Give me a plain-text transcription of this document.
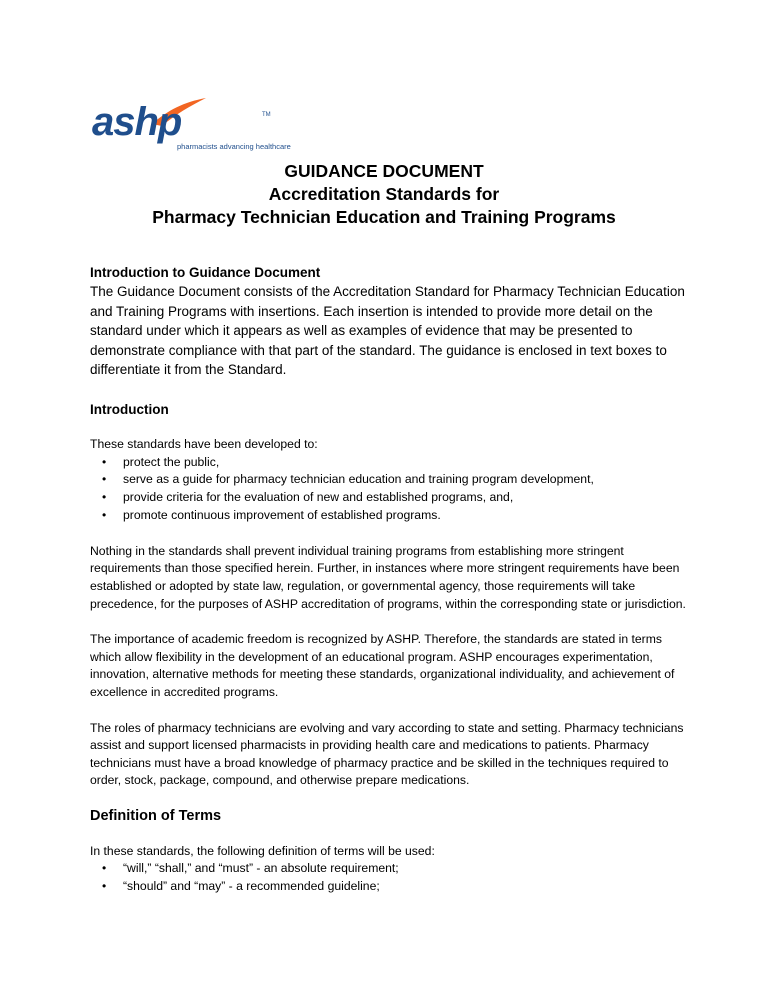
ashp	TM
pharmacists advancing healthcare
GUIDANCE DOCUMENT
Accreditation Standards for
Pharmacy Technician Education and Training Programs

Introduction to Guidance Document

The Guidance Document consists of the Accreditation Standard for Pharmacy Technician Education and Training Programs with insertions. Each insertion is intended to provide more detail on the standard under which it appears as well as examples of evidence that may be presented to demonstrate compliance with that part of the standard. The guidance is enclosed in text boxes to differentiate it from the Standard.

Introduction

These standards have been developed to:

• protect the public,
• serve as a guide for pharmacy technician education and training program development,
• provide criteria for the evaluation of new and established programs, and,
• promote continuous improvement of established programs.

Nothing in the standards shall prevent individual training programs from establishing more stringent requirements than those specified herein. Further, in instances where more stringent requirements have been established or adopted by state law, regulation, or governmental agency, those requirements will take precedence, for the purposes of ASHP accreditation of programs, within the corresponding state or jurisdiction.

The importance of academic freedom is recognized by ASHP. Therefore, the standards are stated in terms which allow flexibility in the development of an educational program. ASHP encourages experimentation, innovation, alternative methods for meeting these standards, organizational individuality, and achievement of excellence in accredited programs.

The roles of pharmacy technicians are evolving and vary according to state and setting. Pharmacy technicians assist and support licensed pharmacists in providing health care and medications to patients. Pharmacy technicians must have a broad knowledge of pharmacy practice and be skilled in the techniques required to order, stock, package, compound, and otherwise prepare medications.

Definition of Terms

In these standards, the following definition of terms will be used:

• “will,” “shall,” and “must” - an absolute requirement;
• “should” and “may” - a recommended guideline;
